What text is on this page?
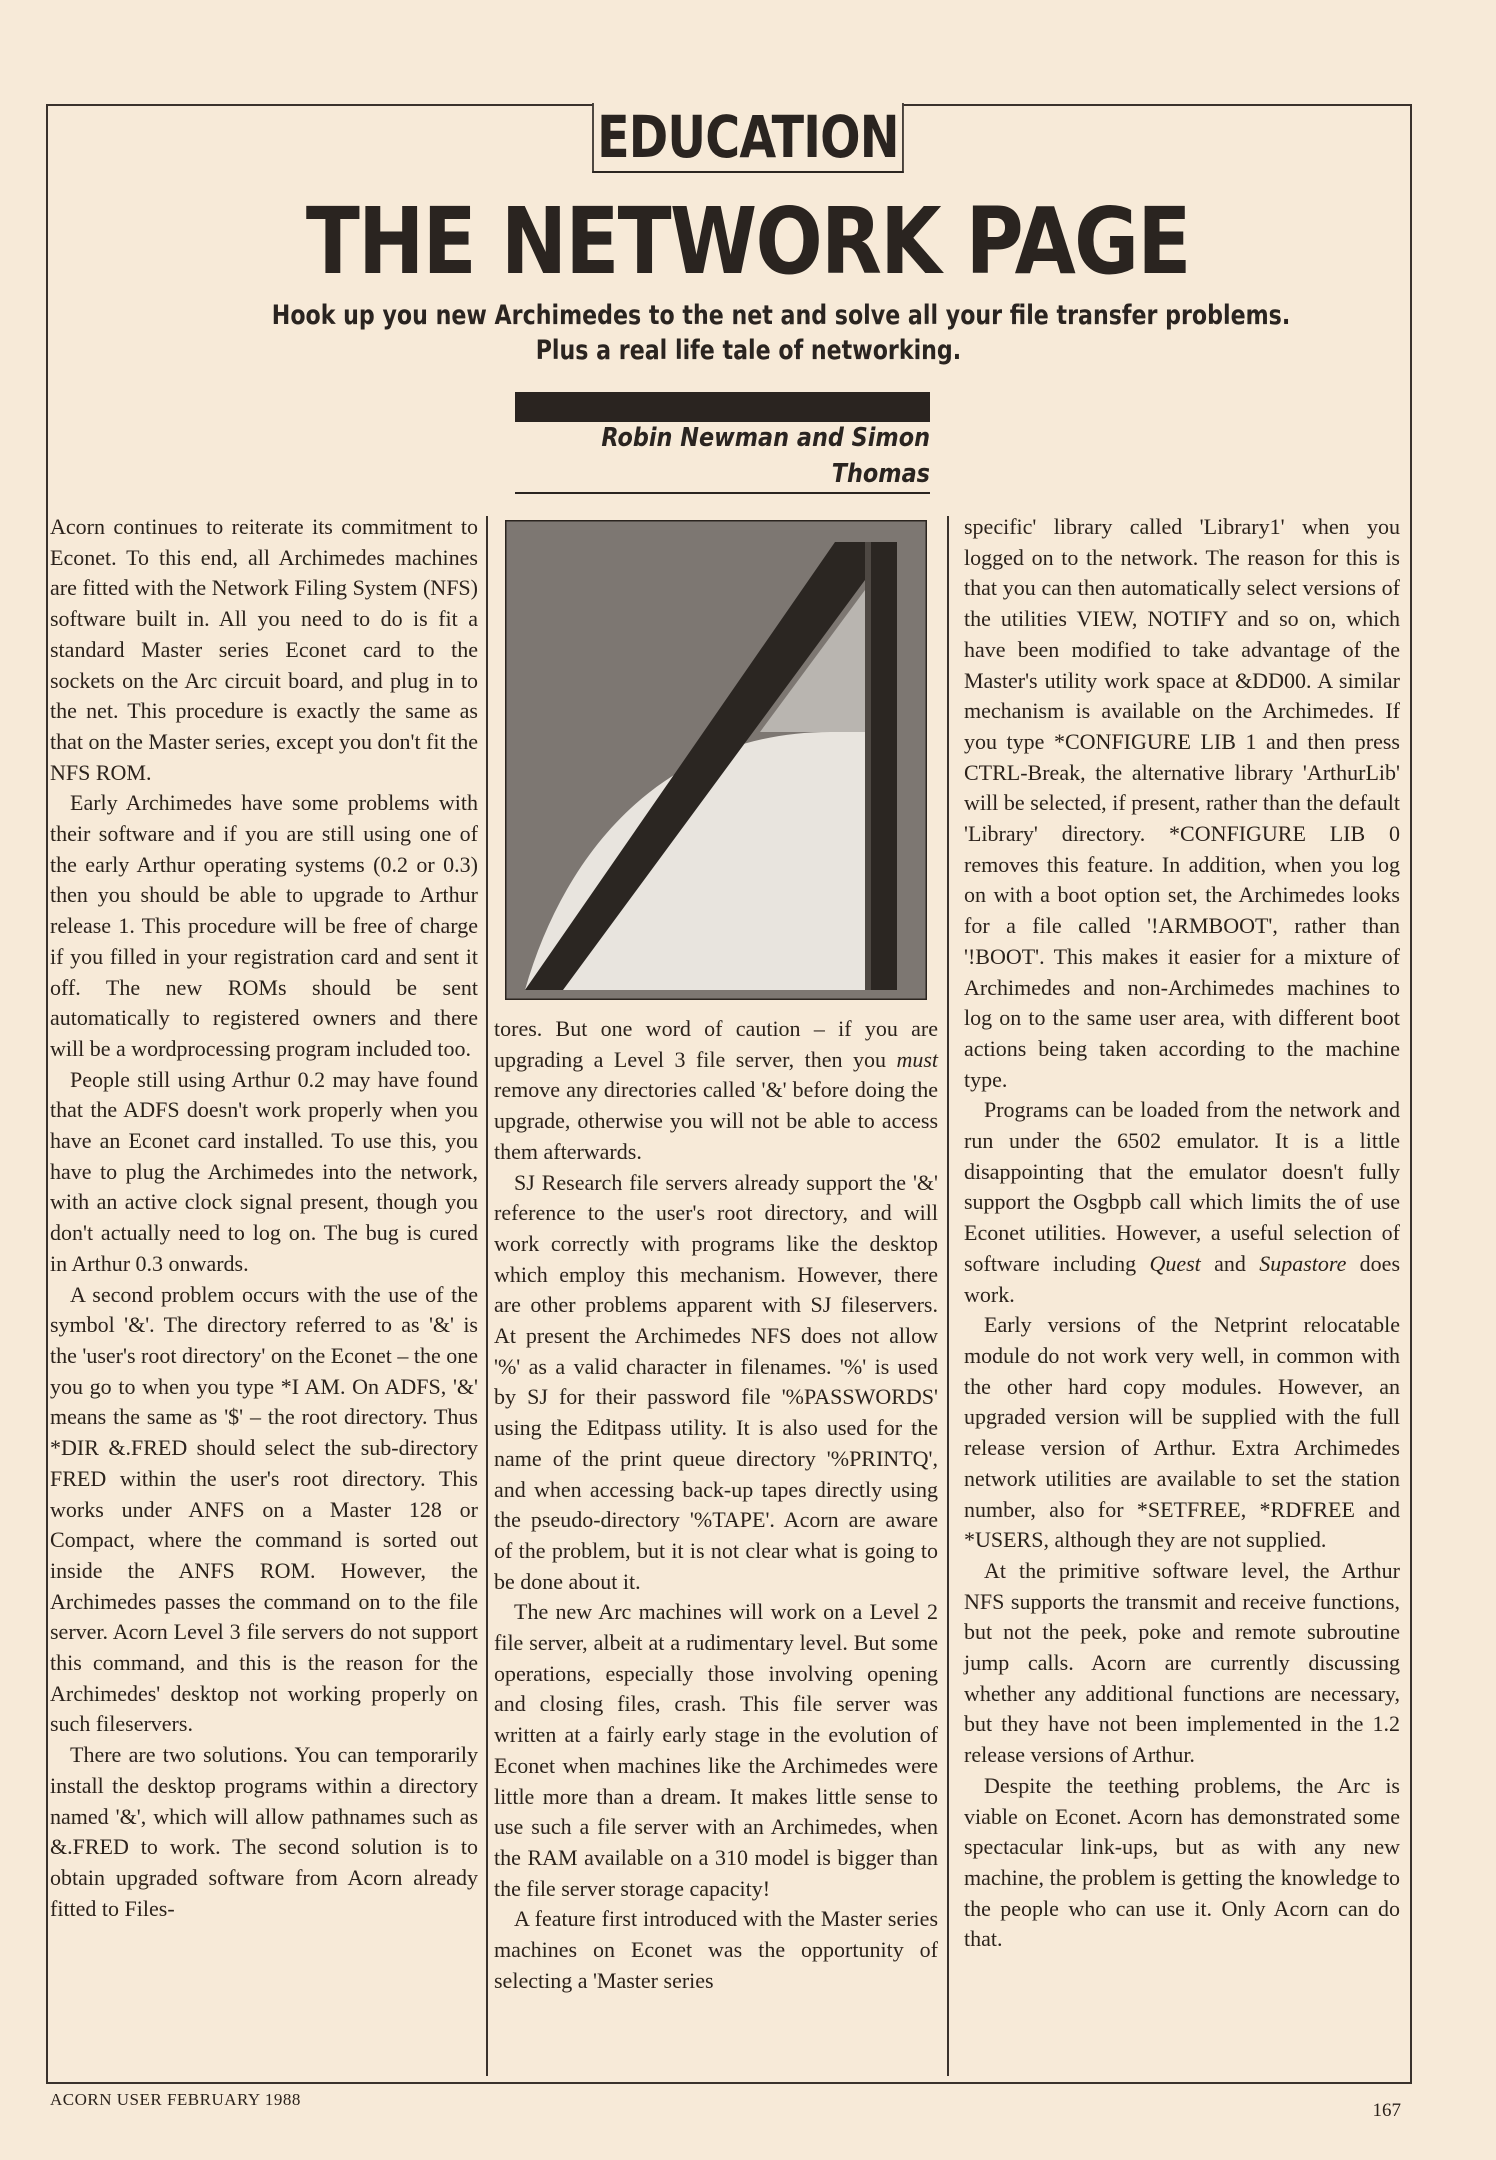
EDUCATION
THE NETWORK PAGE
Hook up you new Archimedes to the net and solve all your file transfer problems.
Plus a real life tale of networking.
Robin Newman and Simon Thomas

Acorn continues to reiterate its commitment to Econet. To this end, all Archimedes machines are fitted with the Network Filing System (NFS) software built in. All you need to do is fit a standard Master series Econet card to the sockets on the Arc circuit board, and plug in to the net. This procedure is exactly the same as that on the Master series, except you don't fit the NFS ROM.

Early Archimedes have some problems with their software and if you are still using one of the early Arthur operating systems (0.2 or 0.3) then you should be able to upgrade to Arthur release 1. This procedure will be free of charge if you filled in your registration card and sent it off. The new ROMs should be sent automatically to registered owners and there will be a wordprocessing program included too.

People still using Arthur 0.2 may have found that the ADFS doesn't work properly when you have an Econet card installed. To use this, you have to plug the Archimedes into the network, with an active clock signal present, though you don't actually need to log on. The bug is cured in Arthur 0.3 onwards.

A second problem occurs with the use of the symbol '&'. The directory referred to as '&' is the 'user's root directory' on the Econet – the one you go to when you type *I AM. On ADFS, '&' means the same as '$' – the root directory. Thus *DIR &.FRED should select the sub-directory FRED within the user's root directory. This works under ANFS on a Master 128 or Compact, where the command is sorted out inside the ANFS ROM. However, the Archimedes passes the command on to the file server. Acorn Level 3 file servers do not support this command, and this is the reason for the Archimedes' desktop not working properly on such fileservers.

There are two solutions. You can temporarily install the desktop programs within a directory named '&', which will allow pathnames such as &.FRED to work. The second solution is to obtain upgraded software from Acorn already fitted to Files-

tores. But one word of caution – if you are upgrading a Level 3 file server, then you must remove any directories called '&' before doing the upgrade, otherwise you will not be able to access them afterwards.

SJ Research file servers already support the '&' reference to the user's root directory, and will work correctly with programs like the desktop which employ this mechanism. However, there are other problems apparent with SJ fileservers. At present the Archimedes NFS does not allow '%' as a valid character in filenames. '%' is used by SJ for their password file '%PASSWORDS' using the Editpass utility. It is also used for the name of the print queue directory '%PRINTQ', and when accessing back-up tapes directly using the pseudo-directory '%TAPE'. Acorn are aware of the problem, but it is not clear what is going to be done about it.

The new Arc machines will work on a Level 2 file server, albeit at a rudimentary level. But some operations, especially those involving opening and closing files, crash. This file server was written at a fairly early stage in the evolution of Econet when machines like the Archimedes were little more than a dream. It makes little sense to use such a file server with an Archimedes, when the RAM available on a 310 model is bigger than the file server storage capacity!

A feature first introduced with the Master series machines on Econet was the opportunity of selecting a 'Master series

specific' library called 'Library1' when you logged on to the network. The reason for this is that you can then automatically select versions of the utilities VIEW, NOTIFY and so on, which have been modified to take advantage of the Master's utility work space at &DD00. A similar mechanism is available on the Archimedes. If you type *CONFIGURE LIB 1 and then press CTRL-Break, the alternative library 'ArthurLib' will be selected, if present, rather than the default 'Library' directory. *CONFIGURE LIB 0 removes this feature. In addition, when you log on with a boot option set, the Archimedes looks for a file called '!ARMBOOT', rather than '!BOOT'. This makes it easier for a mixture of Archimedes and non-Archimedes machines to log on to the same user area, with different boot actions being taken according to the machine type.

Programs can be loaded from the network and run under the 6502 emulator. It is a little disappointing that the emulator doesn't fully support the Osgbpb call which limits the of use Econet utilities. However, a useful selection of software including Quest and Supastore does work.

Early versions of the Netprint relocatable module do not work very well, in common with the other hard copy modules. However, an upgraded version will be supplied with the full release version of Arthur. Extra Archimedes network utilities are available to set the station number, also for *SETFREE, *RDFREE and *USERS, although they are not supplied.

At the primitive software level, the Arthur NFS supports the transmit and receive functions, but not the peek, poke and remote subroutine jump calls. Acorn are currently discussing whether any additional functions are necessary, but they have not been implemented in the 1.2 release versions of Arthur.

Despite the teething problems, the Arc is viable on Econet. Acorn has demonstrated some spectacular link-ups, but as with any new machine, the problem is getting the knowledge to the people who can use it. Only Acorn can do that.

ACORN USER FEBRUARY 1988
167
